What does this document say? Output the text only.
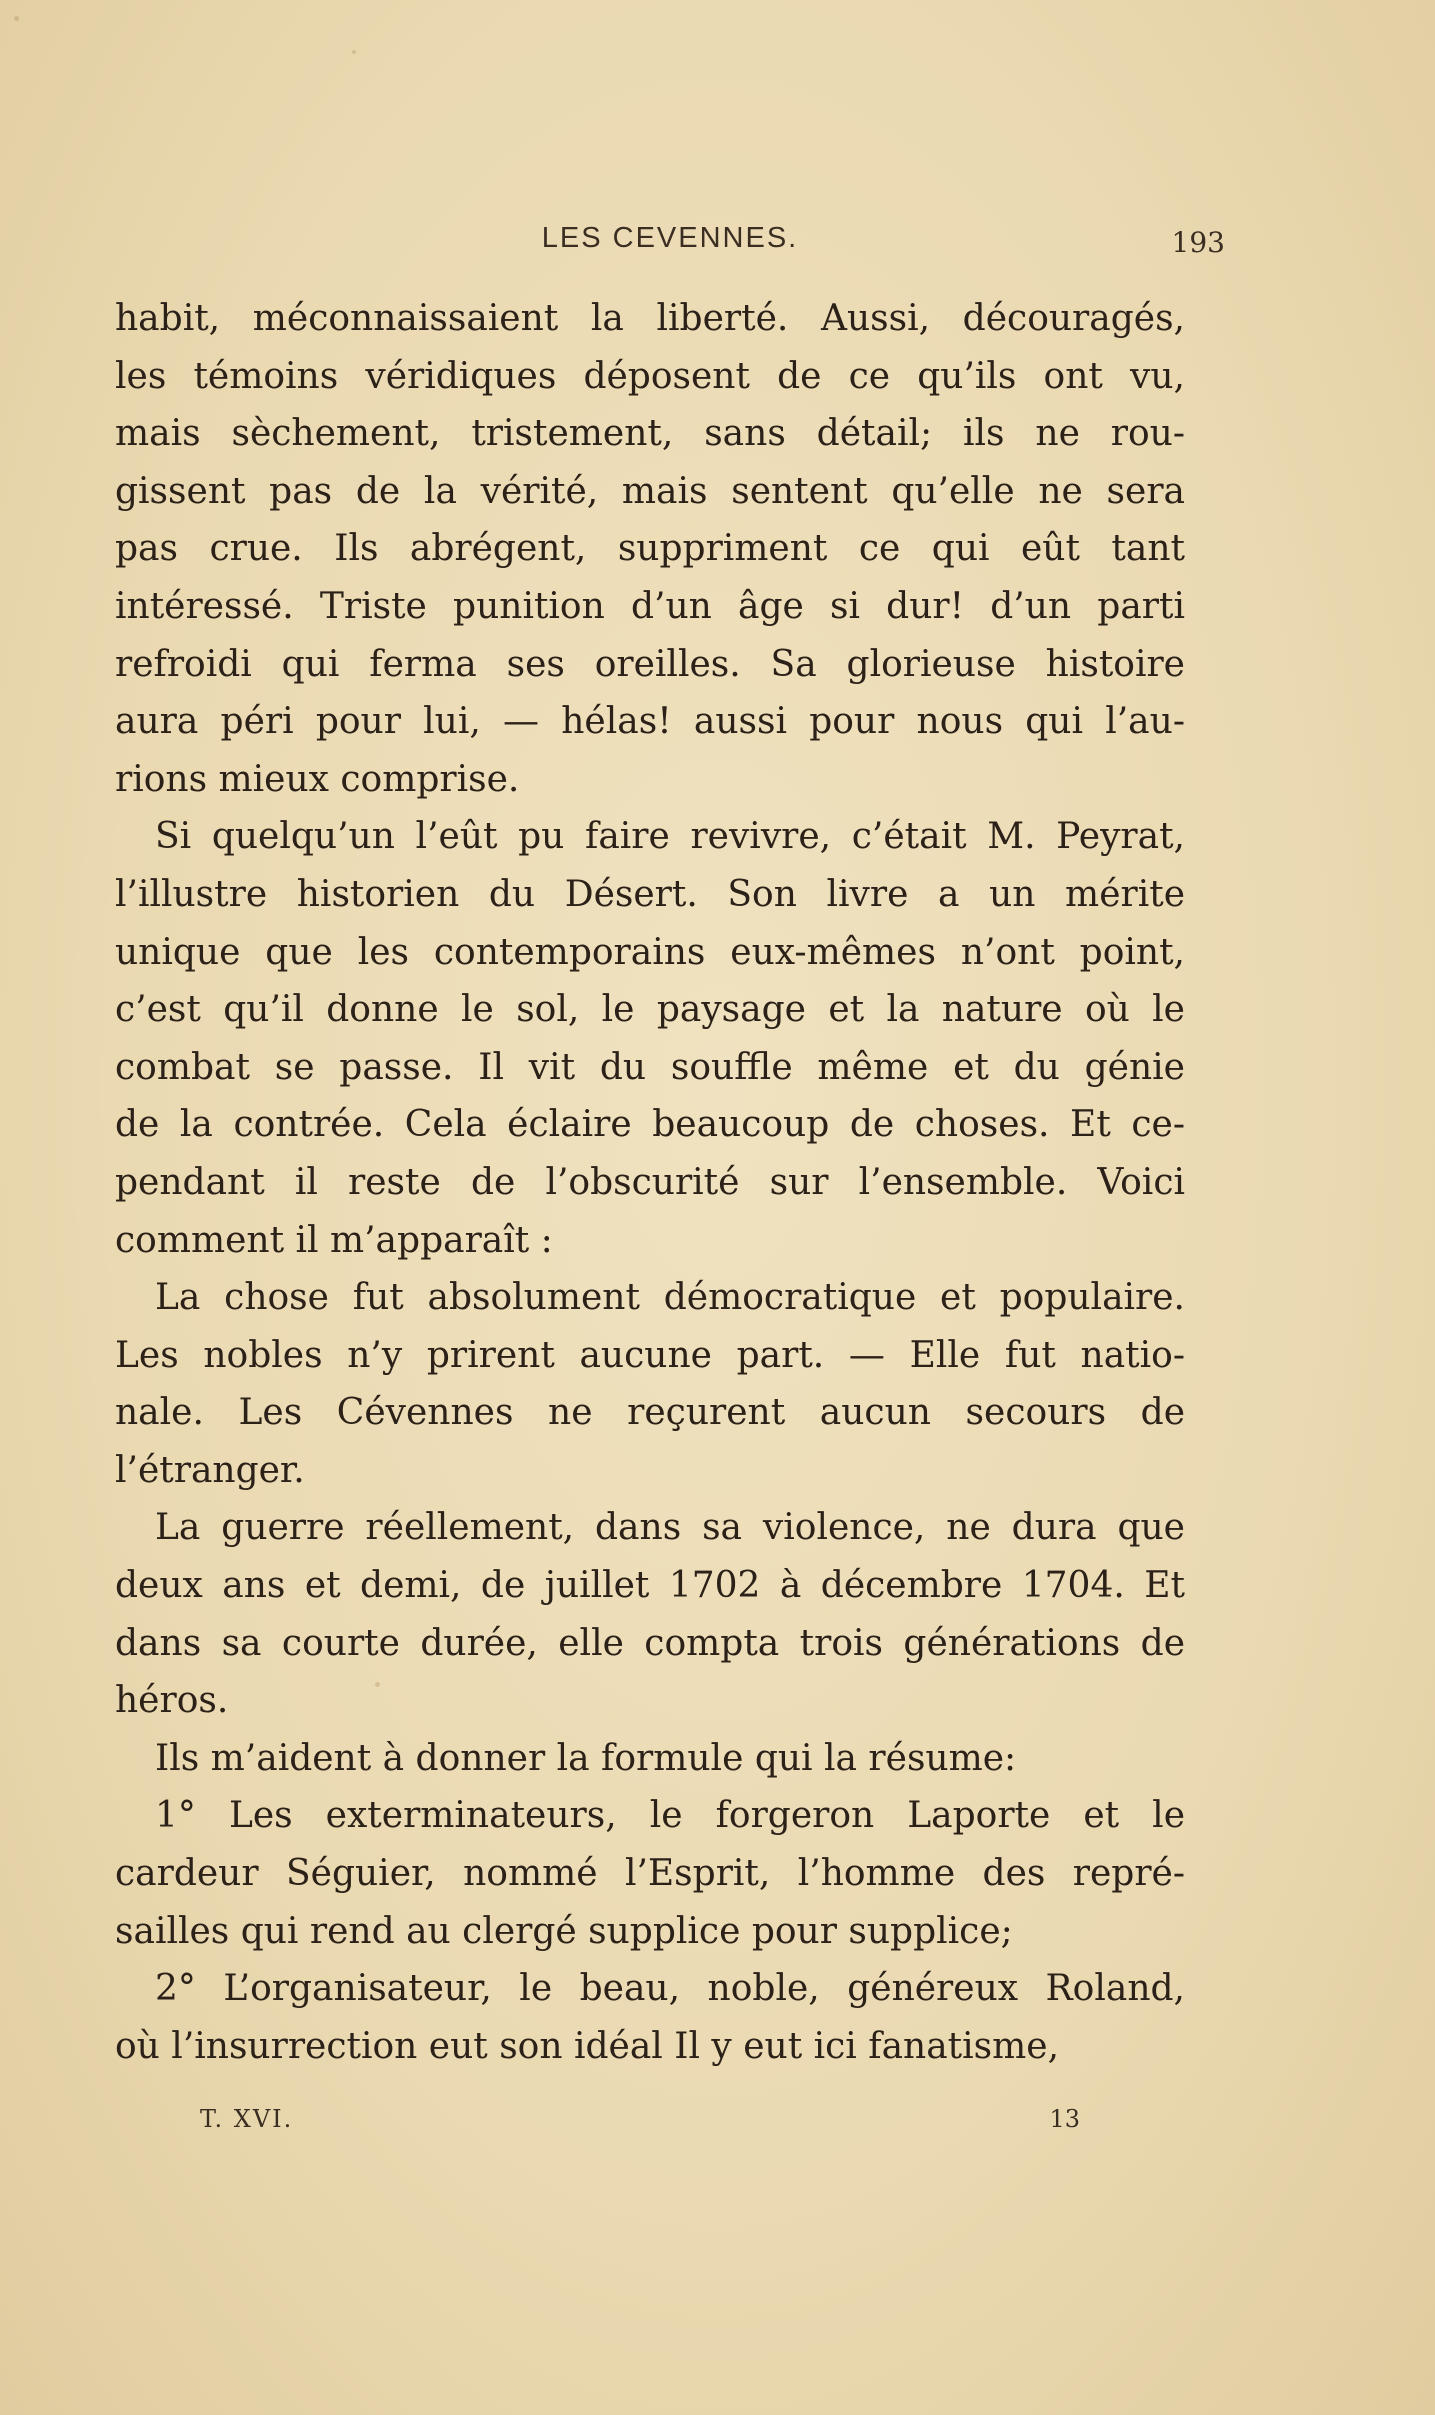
LES CEVENNES.	193
habit, méconnaissaient la liberté. Aussi, découragés,
les témoins véridiques déposent de ce qu’ils ont vu,
mais sèchement, tristement, sans détail; ils ne rou-
gissent pas de la vérité, mais sentent qu’elle ne sera
pas crue. Ils abrégent, suppriment ce qui eût tant
intéressé. Triste punition d’un âge si dur! d’un parti
refroidi qui ferma ses oreilles. Sa glorieuse histoire
aura péri pour lui, — hélas! aussi pour nous qui l’au-
rions mieux comprise.
Si quelqu’un l’eût pu faire revivre, c’était M. Peyrat,
l’illustre historien du Désert. Son livre a un mérite
unique que les contemporains eux-mêmes n’ont point,
c’est qu’il donne le sol, le paysage et la nature où le
combat se passe. Il vit du souffle même et du génie
de la contrée. Cela éclaire beaucoup de choses. Et ce-
pendant il reste de l’obscurité sur l’ensemble. Voici
comment il m’apparaît :
La chose fut absolument démocratique et populaire.
Les nobles n’y prirent aucune part. — Elle fut natio-
nale. Les Cévennes ne reçurent aucun secours de
l’étranger.
La guerre réellement, dans sa violence, ne dura que
deux ans et demi, de juillet 1702 à décembre 1704. Et
dans sa courte durée, elle compta trois générations de
héros.
Ils m’aident à donner la formule qui la résume:
1° Les exterminateurs, le forgeron Laporte et le
cardeur Séguier, nommé l’Esprit, l’homme des repré-
sailles qui rend au clergé supplice pour supplice;
2° L’organisateur, le beau, noble, généreux Roland,
où l’insurrection eut son idéal Il y eut ici fanatisme,
T. XVI.	13
